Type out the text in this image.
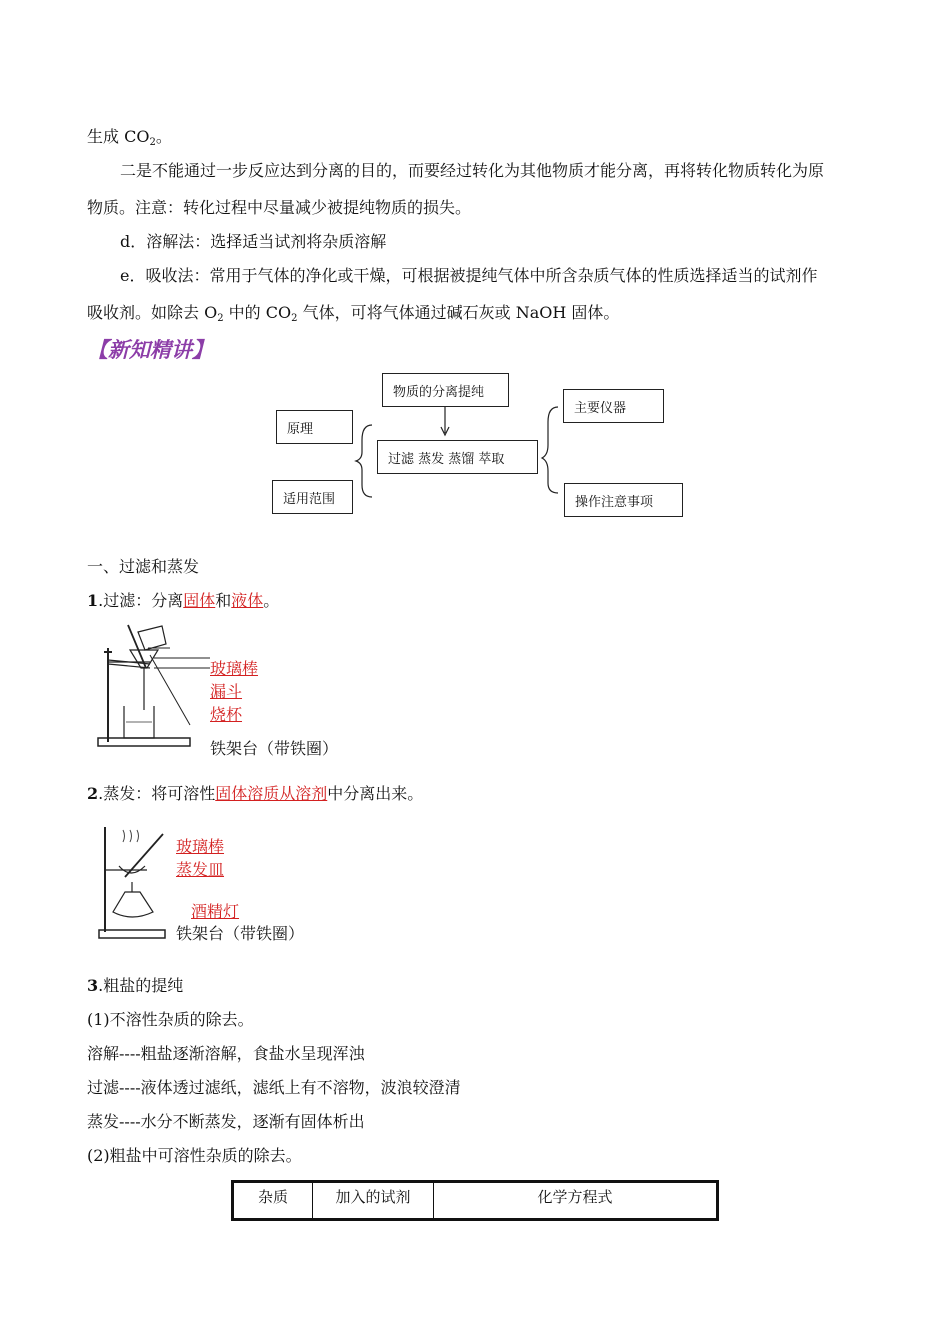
生成 $CO_2$。
二是不能通过一步反应达到分离的目的，而要经过转化为其他物质才能分离，再将转化物质转化为原
物质。注意：转化过程中尽量减少被提纯物质的损失。
d．溶解法：选择适当试剂将杂质溶解
e．吸收法：常用于气体的净化或干燥，可根据被提纯气体中所含杂质气体的性质选择适当的试剂作
吸收剂。如除去 $O_2$ 中的 $CO_2$ 气体，可将气体通过碱石灰或 NaOH 固体。
【新知精讲】
物质的分离提纯
原理
适用范围
过滤 蒸发 蒸馏 萃取
主要仪器
操作注意事项
一、过滤和蒸发
1.过滤：分离固体和液体。
玻璃棒
漏斗
烧杯
铁架台（带铁圈）
2.蒸发：将可溶性固体溶质从溶剂中分离出来。
玻璃棒
蒸发皿
酒精灯
铁架台（带铁圈）
3.粗盐的提纯
(1)不溶性杂质的除去。
溶解----粗盐逐渐溶解，食盐水呈现浑浊
过滤----液体透过滤纸，滤纸上有不溶物，波浪较澄清
蒸发----水分不断蒸发，逐渐有固体析出
(2)粗盐中可溶性杂质的除去。
杂质	加入的试剂	化学方程式
